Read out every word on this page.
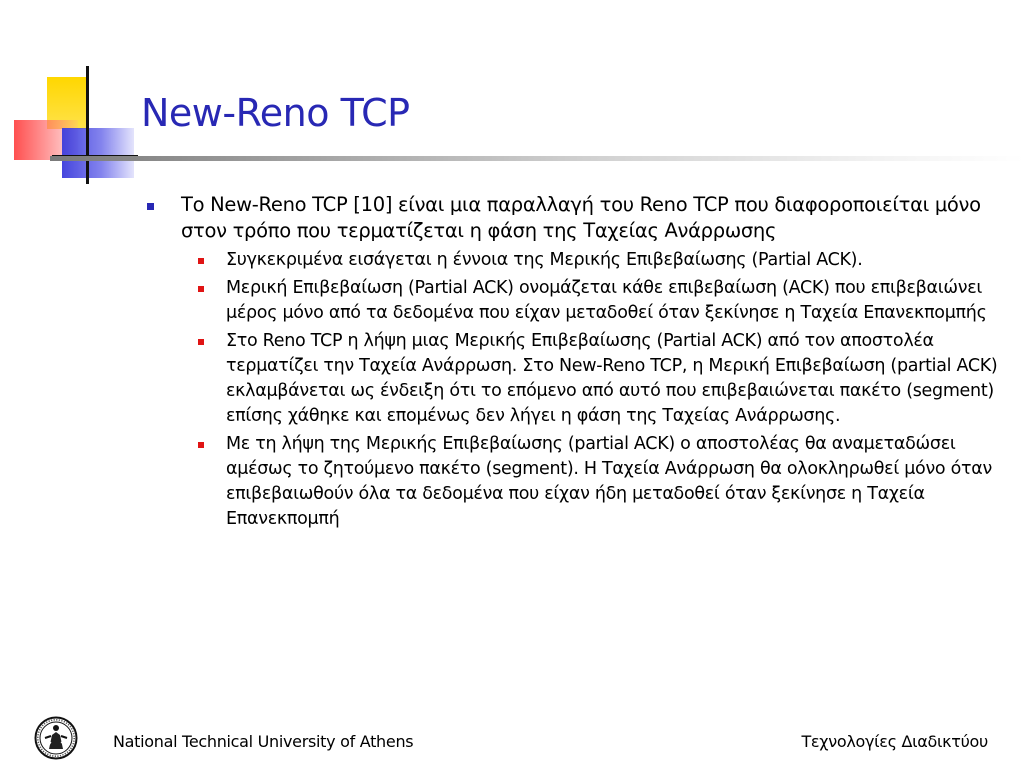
New-Reno TCP
Το New-Reno TCP [10] είναι μια παραλλαγή του Reno TCP που διαφοροποιείται μόνο στον τρόπο που τερματίζεται η φάση της Ταχείας Ανάρρωσης
Συγκεκριμένα εισάγεται η έννοια της Μερικής Επιβεβαίωσης (Partial ACK).
Μερική Επιβεβαίωση (Partial ACK) ονομάζεται κάθε επιβεβαίωση (ACK) που επιβεβαιώνει μέρος μόνο από τα δεδομένα που είχαν μεταδοθεί όταν ξεκίνησε η Ταχεία Επανεκπομπής
Στο Reno TCP η λήψη μιας Μερικής Επιβεβαίωσης (Partial ACK) από τον αποστολέα τερματίζει την Ταχεία Ανάρρωση. Στο New-Reno TCP, η Μερική Επιβεβαίωση (partial ACK) εκλαμβάνεται ως ένδειξη ότι το επόμενο από αυτό που επιβεβαιώνεται πακέτο (segment) επίσης χάθηκε και επομένως δεν λήγει η φάση της Ταχείας Ανάρρωσης.
Με τη λήψη της Μερικής Επιβεβαίωσης (partial ACK) ο αποστολέας θα αναμεταδώσει αμέσως το ζητούμενο πακέτο (segment). Η Ταχεία Ανάρρωση θα ολοκληρωθεί μόνο όταν επιβεβαιωθούν όλα τα δεδομένα που είχαν ήδη μεταδοθεί όταν ξεκίνησε η Ταχεία Επανεκπομπή
National Technical University of Athens	Τεχνολογίες Διαδικτύου
